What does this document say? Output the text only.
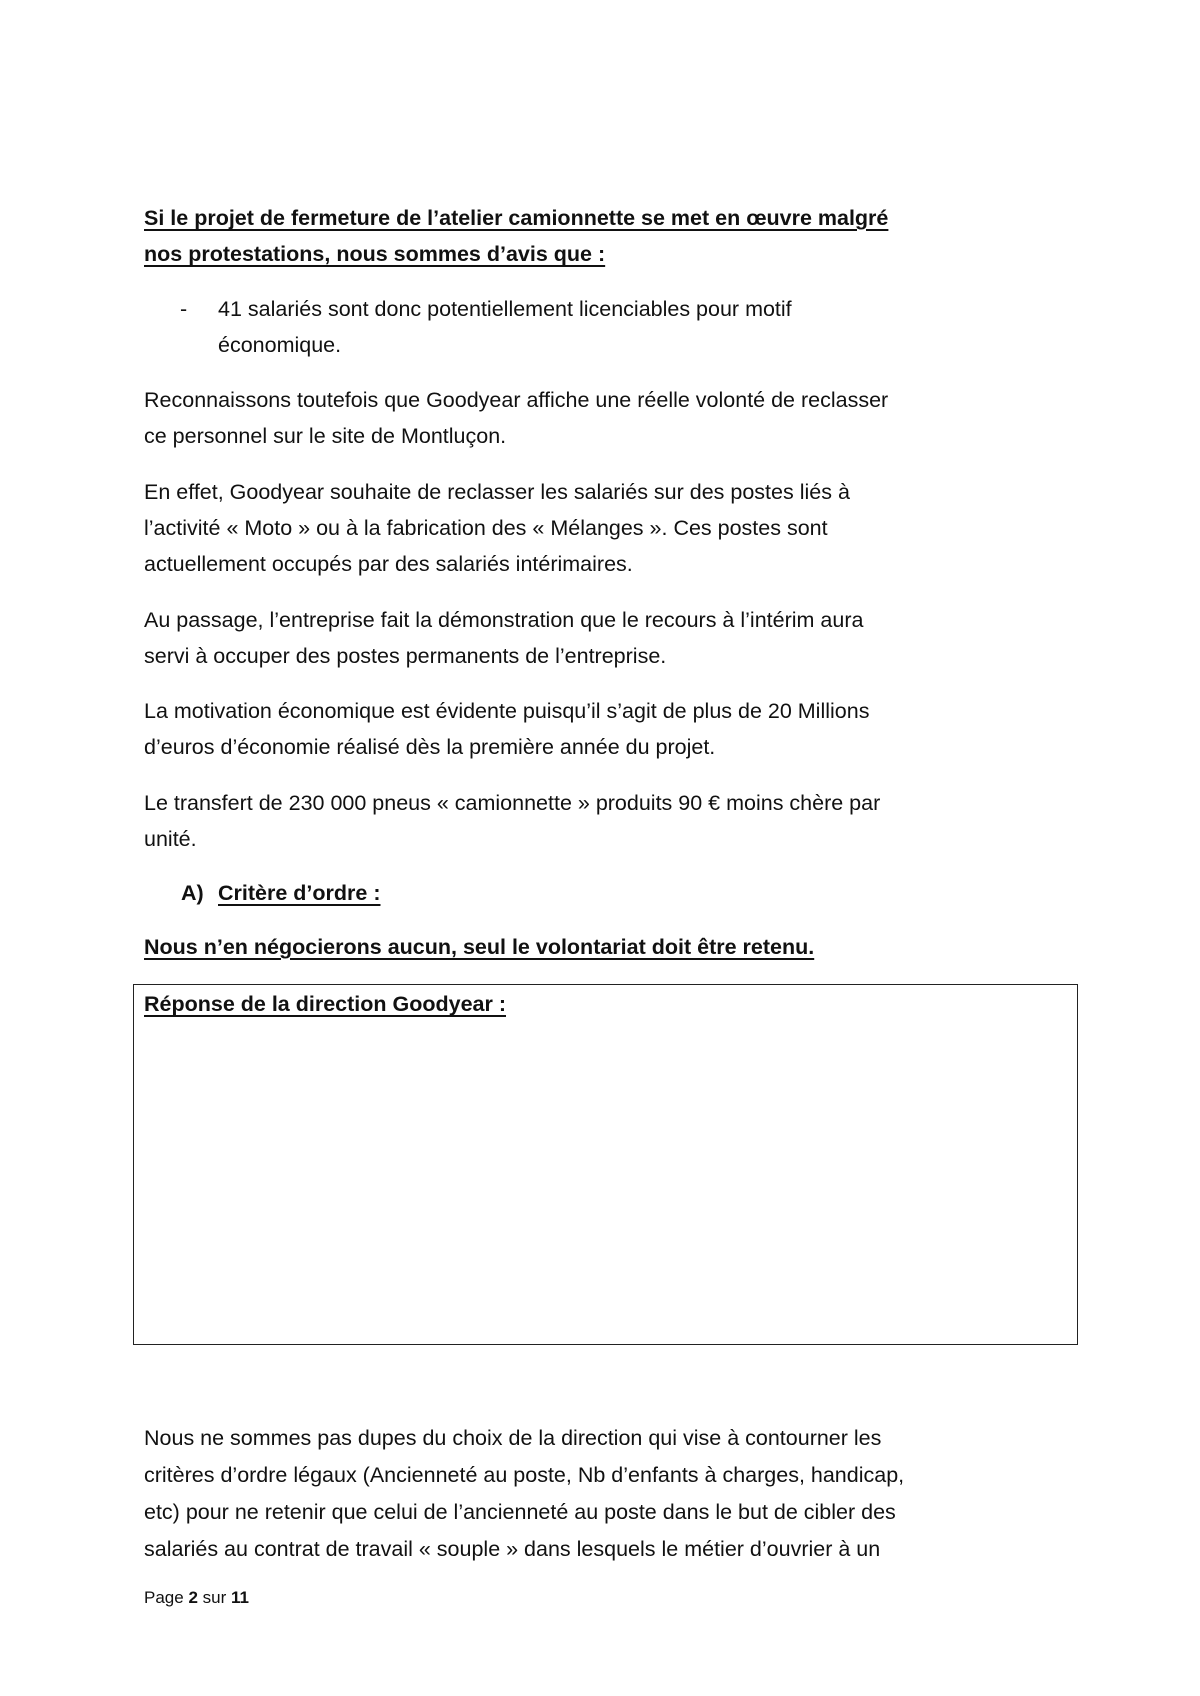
Si le projet de fermeture de l’atelier camionnette se met en œuvre malgré
nos protestations, nous sommes d’avis que :
- 41 salariés sont donc potentiellement licenciables pour motif
économique.
Reconnaissons toutefois que Goodyear affiche une réelle volonté de reclasser
ce personnel sur le site de Montluçon.
En effet, Goodyear souhaite de reclasser les salariés sur des postes liés à
l’activité « Moto » ou à la fabrication des « Mélanges ». Ces postes sont
actuellement occupés par des salariés intérimaires.
Au passage, l’entreprise fait la démonstration que le recours à l’intérim aura
servi à occuper des postes permanents de l’entreprise.
La motivation économique est évidente puisqu’il s’agit de plus de 20 Millions
d’euros d’économie réalisé dès la première année du projet.
Le transfert de 230 000 pneus « camionnette » produits 90 € moins chère par
unité.
A) Critère d’ordre :
Nous n’en négocierons aucun, seul le volontariat doit être retenu.
Réponse de la direction Goodyear :
Nous ne sommes pas dupes du choix de la direction qui vise à contourner les
critères d’ordre légaux (Ancienneté au poste, Nb d’enfants à charges, handicap,
etc) pour ne retenir que celui de l’ancienneté au poste dans le but de cibler des
salariés au contrat de travail « souple » dans lesquels le métier d’ouvrier à un
Page 2 sur 11
